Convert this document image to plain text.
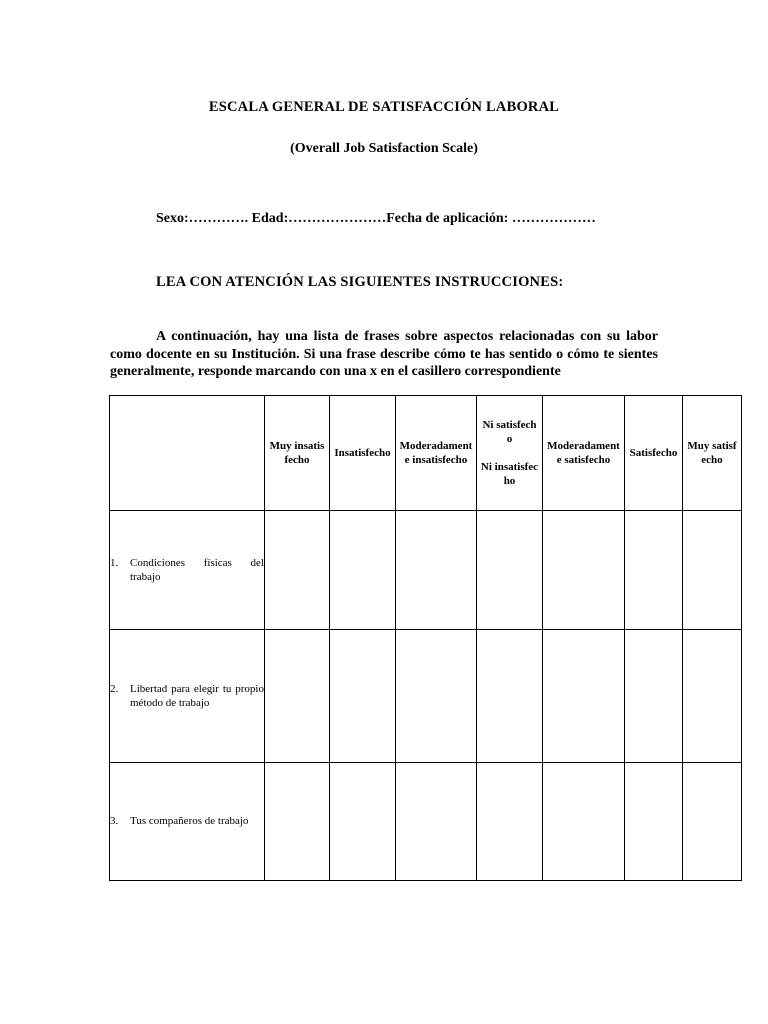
ESCALA GENERAL DE SATISFACCIÓN LABORAL
(Overall Job Satisfaction Scale)
Sexo:…………. Edad:…………………Fecha de aplicación: ………………
LEA CON ATENCIÓN LAS SIGUIENTES INSTRUCCIONES:
A continuación, hay una lista de frases sobre aspectos relacionadas con su labor como docente en su Institución. Si una frase describe cómo te has sentido o cómo te sientes generalmente, responde marcando con una x en el casillero correspondiente

	Muy insatisfecho	Insatisfecho	Moderadamente insatisfecho	Ni satisfecho
Ni insatisfecho	Moderadamente satisfecho	Satisfecho	Muy satisfecho

1. Condiciones físicas del trabajo							

2. Libertad para elegir tu propio método de trabajo							

3. Tus compañeros de trabajo							
